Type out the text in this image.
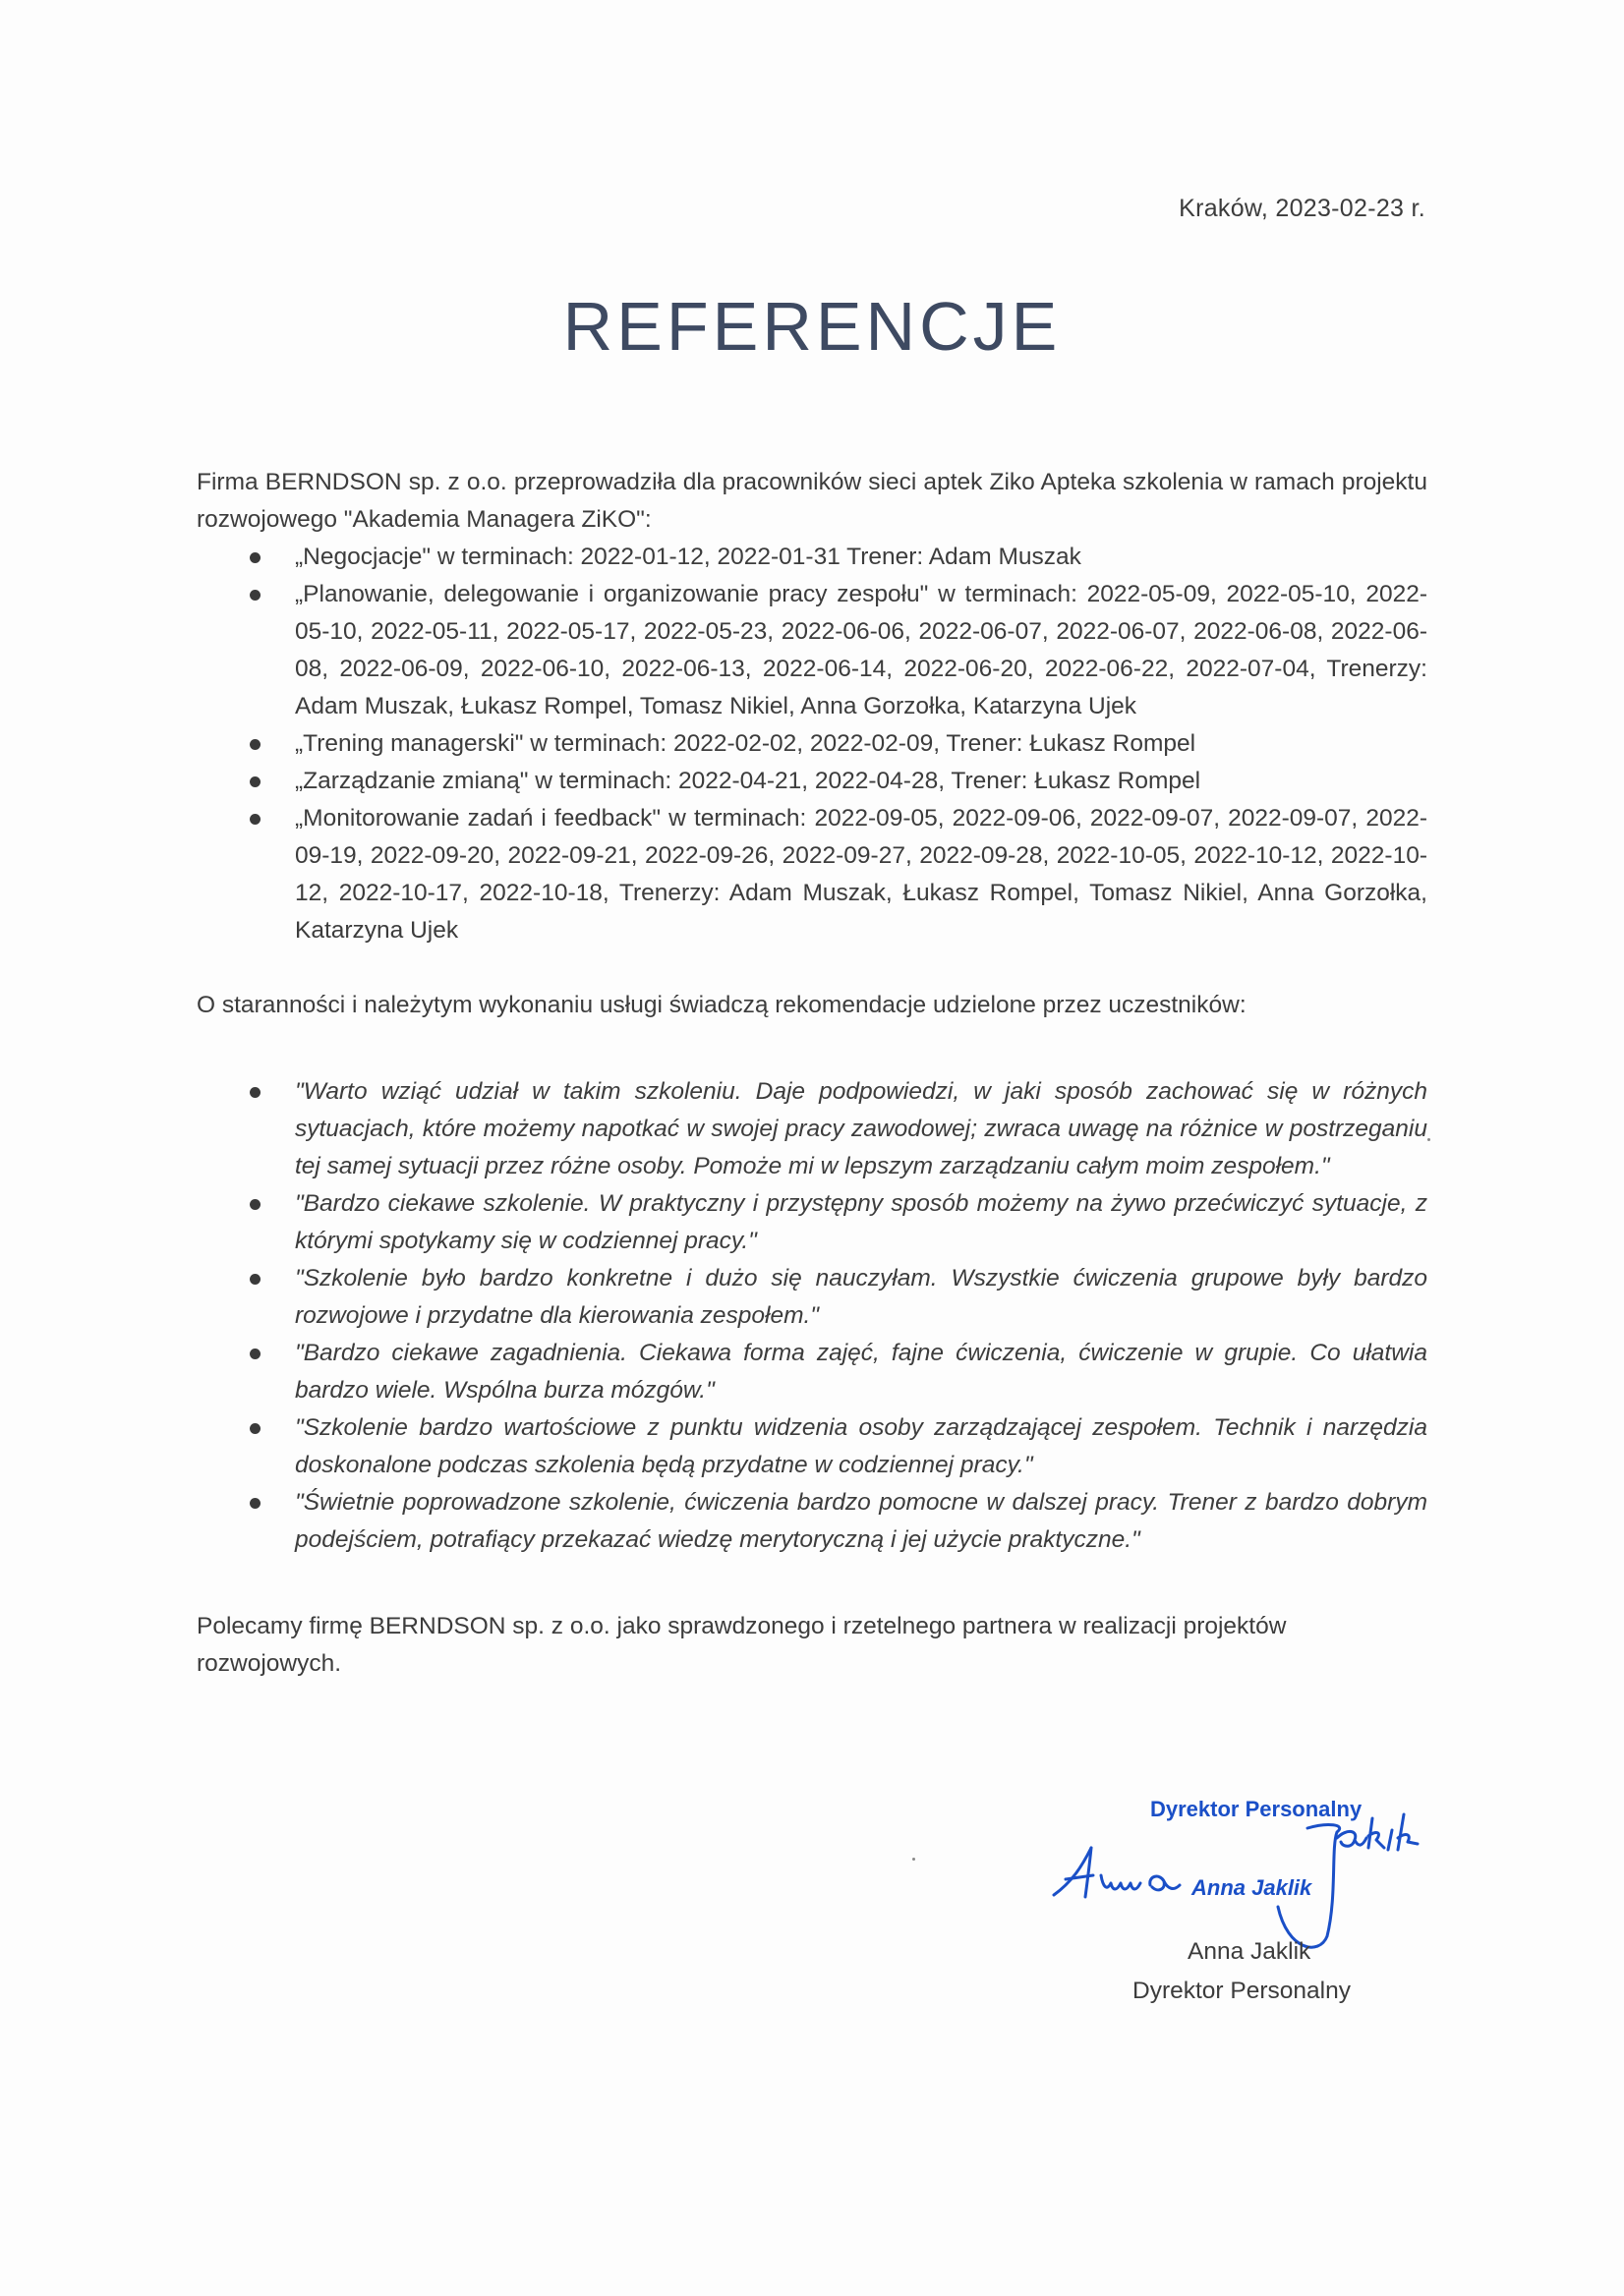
Kraków, 2023-02-23 r.
REFERENCJE

Firma BERNDSON sp. z o.o. przeprowadziła dla pracowników sieci aptek Ziko Apteka szkolenia w ramach projektu rozwojowego "Akademia Managera ZiKO":

„Negocjacje" w terminach: 2022-01-12, 2022-01-31 Trener: Adam Muszak
„Planowanie, delegowanie i organizowanie pracy zespołu" w terminach: 2022-05-09, 2022-05-10, 2022-05-10, 2022-05-11, 2022-05-17, 2022-05-23, 2022-06-06, 2022-06-07, 2022-06-07, 2022-06-08, 2022-06-08, 2022-06-09, 2022-06-10, 2022-06-13, 2022-06-14, 2022-06-20, 2022-06-22, 2022-07-04, Trenerzy: Adam Muszak, Łukasz Rompel, Tomasz Nikiel, Anna Gorzołka, Katarzyna Ujek
„Trening managerski" w terminach: 2022-02-02, 2022-02-09, Trener: Łukasz Rompel
„Zarządzanie zmianą" w terminach: 2022-04-21, 2022-04-28, Trener: Łukasz Rompel
„Monitorowanie zadań i feedback" w terminach: 2022-09-05, 2022-09-06, 2022-09-07, 2022-09-07, 2022-09-19, 2022-09-20, 2022-09-21, 2022-09-26, 2022-09-27, 2022-09-28, 2022-10-05, 2022-10-12, 2022-10-12, 2022-10-17, 2022-10-18, Trenerzy: Adam Muszak, Łukasz Rompel, Tomasz Nikiel, Anna Gorzołka, Katarzyna Ujek

O staranności i należytym wykonaniu usługi świadczą rekomendacje udzielone przez uczestników:

"Warto wziąć udział w takim szkoleniu. Daje podpowiedzi, w jaki sposób zachować się w różnych sytuacjach, które możemy napotkać w swojej pracy zawodowej; zwraca uwagę na różnice w postrzeganiu tej samej sytuacji przez różne osoby. Pomoże mi w lepszym zarządzaniu całym moim zespołem."
"Bardzo ciekawe szkolenie. W praktyczny i przystępny sposób możemy na żywo przećwiczyć sytuacje, z którymi spotykamy się w codziennej pracy."
"Szkolenie było bardzo konkretne i dużo się nauczyłam. Wszystkie ćwiczenia grupowe były bardzo rozwojowe i przydatne dla kierowania zespołem."
"Bardzo ciekawe zagadnienia. Ciekawa forma zajęć, fajne ćwiczenia, ćwiczenie w grupie. Co ułatwia bardzo wiele. Wspólna burza mózgów."
"Szkolenie bardzo wartościowe z punktu widzenia osoby zarządzającej zespołem. Technik i narzędzia doskonalone podczas szkolenia będą przydatne w codziennej pracy."
"Świetnie poprowadzone szkolenie, ćwiczenia bardzo pomocne w dalszej pracy. Trener z bardzo dobrym podejściem, potrafiący przekazać wiedzę merytoryczną i jej użycie praktyczne."

Polecamy firmę BERNDSON sp. z o.o. jako sprawdzonego i rzetelnego partnera w realizacji projektów rozwojowych.

Dyrektor Personalny
Anna Jaklik
Anna Jaklik
Dyrektor Personalny
